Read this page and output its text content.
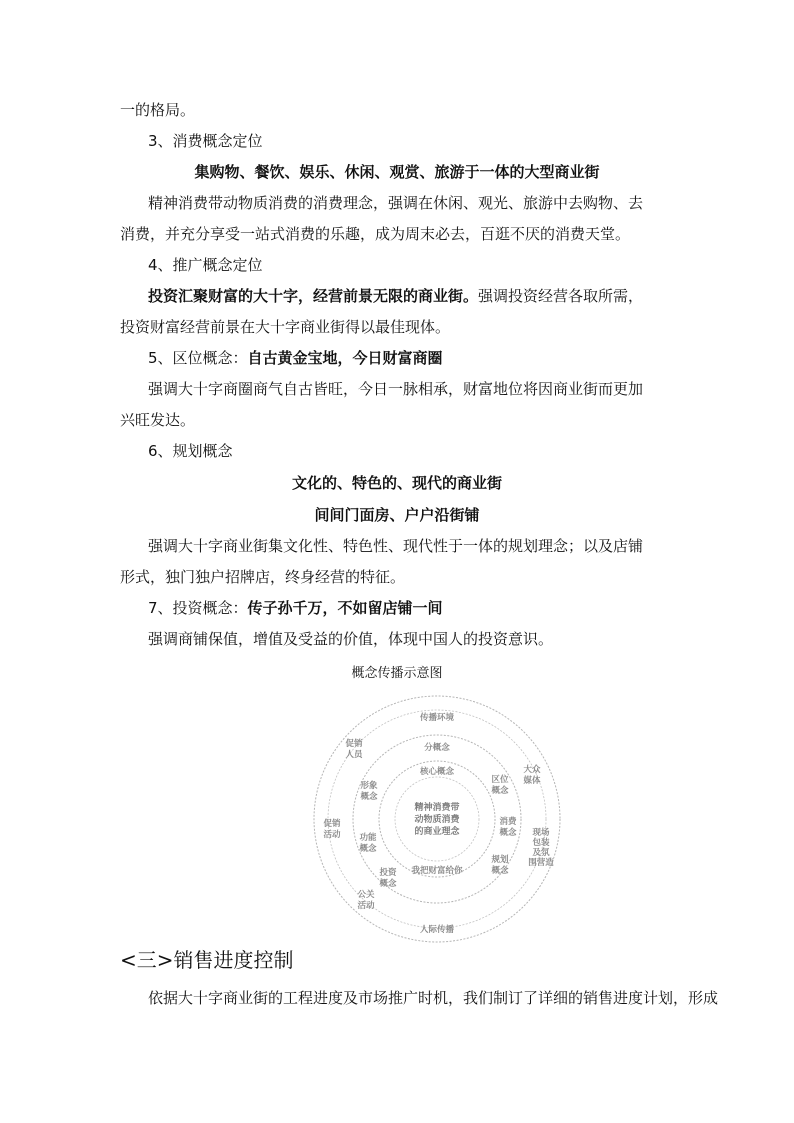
一的格局。
3、消费概念定位
集购物、餐饮、娱乐、休闲、观赏、旅游于一体的大型商业街
精神消费带动物质消费的消费理念，强调在休闲、观光、旅游中去购物、去
消费，并充分享受一站式消费的乐趣，成为周末必去，百逛不厌的消费天堂。
4、推广概念定位
投资汇聚财富的大十字，经营前景无限的商业街。强调投资经营各取所需，
投资财富经营前景在大十字商业街得以最佳现体。
5、区位概念：自古黄金宝地，今日财富商圈
强调大十字商圈商气自古皆旺，今日一脉相承，财富地位将因商业街而更加
兴旺发达。
6、规划概念
文化的、特色的、现代的商业街
间间门面房、户户沿街铺
强调大十字商业街集文化性、特色性、现代性于一体的规划理念；以及店铺
形式，独门独户招牌店，终身经营的特征。
7、投资概念：传子孙千万，不如留店铺一间
强调商铺保值，增值及受益的价值，体现中国人的投资意识。
概念传播示意图
传播环境
人际传播
促销
人员
促销
活动
公关
活动
大众
媒体
现场
包装
及氛
围营造
分概念
形象
概念
功能
概念
投资
概念
区位
概念
消费
概念
规划
概念
我把财富给你
核心概念
精神消费带
动物质消费
的商业理念
<三>销售进度控制
依据大十字商业街的工程进度及市场推广时机，我们制订了详细的销售进度计划，形成
